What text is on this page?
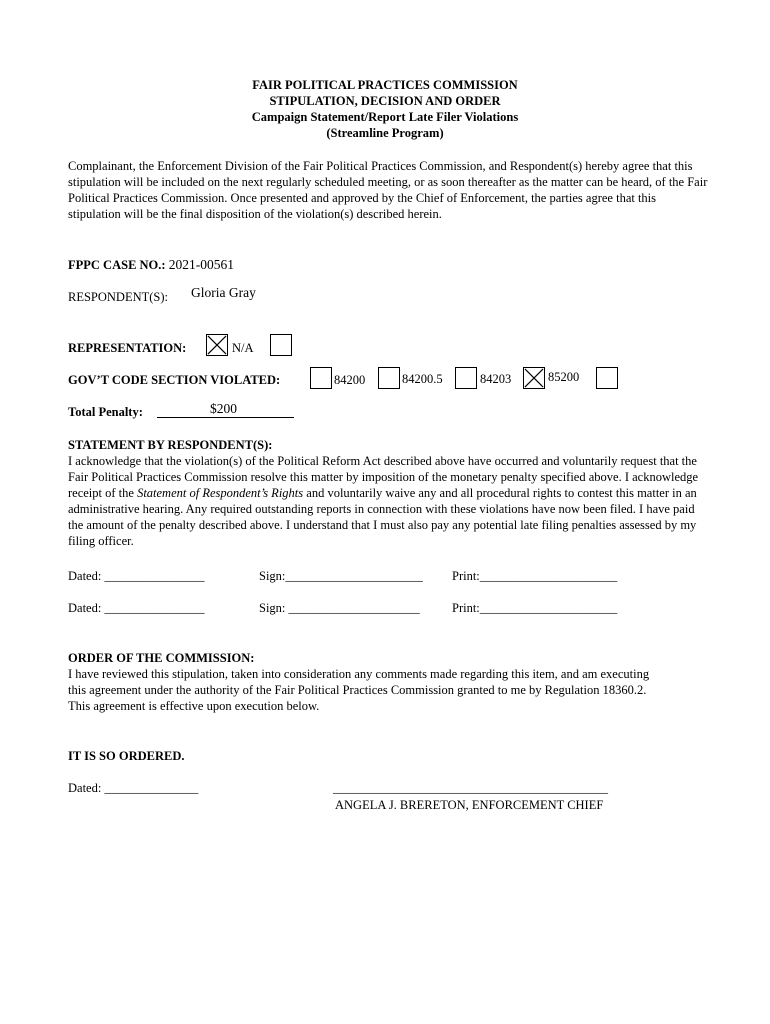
FAIR POLITICAL PRACTICES COMMISSION
STIPULATION, DECISION AND ORDER
Campaign Statement/Report Late Filer Violations
(Streamline Program)
Complainant, the Enforcement Division of the Fair Political Practices Commission, and Respondent(s) hereby agree that this stipulation will be included on the next regularly scheduled meeting, or as soon thereafter as the matter can be heard, of the Fair Political Practices Commission. Once presented and approved by the Chief of Enforcement, the parties agree that this stipulation will be the final disposition of the violation(s) described herein.
FPPC CASE NO.: 2021-00561
RESPONDENT(S): Gloria Gray
REPRESENTATION:	N/A
GOV’T CODE SECTION VIOLATED:	84200	84200.5	84203	85200
Total Penalty:	$200
STATEMENT BY RESPONDENT(S):
I acknowledge that the violation(s) of the Political Reform Act described above have occurred and voluntarily request that the Fair Political Practices Commission resolve this matter by imposition of the monetary penalty specified above. I acknowledge receipt of the Statement of Respondent’s Rights and voluntarily waive any and all procedural rights to contest this matter in an administrative hearing. Any required outstanding reports in connection with these violations have now been filed. I have paid the amount of the penalty described above. I understand that I must also pay any potential late filing penalties assessed by my filing officer.
Dated: ________________	Sign:______________________ Print:______________________
Dated: ________________	Sign: _____________________	Print:______________________
ORDER OF THE COMMISSION:
I have reviewed this stipulation, taken into consideration any comments made regarding this item, and am executing this agreement under the authority of the Fair Political Practices Commission granted to me by Regulation 18360.2. This agreement is effective upon execution below.
IT IS SO ORDERED.
Dated: _______________	____________________________________________
ANGELA J. BRERETON, ENFORCEMENT CHIEF
